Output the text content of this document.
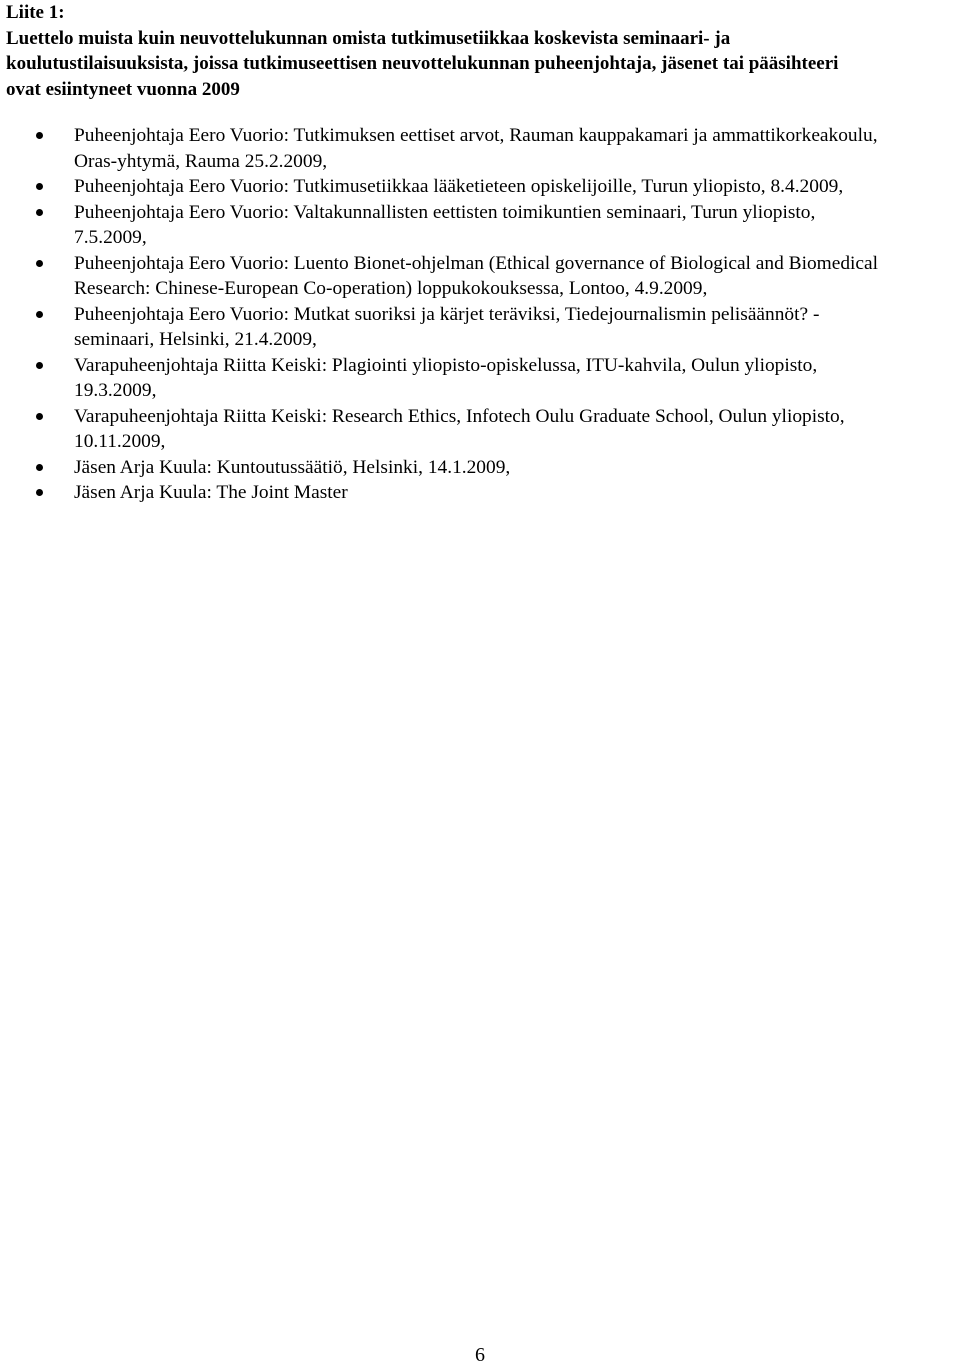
Liite 1:
Luettelo muista kuin neuvottelukunnan omista tutkimusetiikkaa koskevista seminaari- ja
koulutustilaisuuksista, joissa tutkimuseettisen neuvottelukunnan puheenjohtaja, jäsenet tai pääsihteeri
ovat esiintyneet vuonna 2009
Puheenjohtaja Eero Vuorio: Tutkimuksen eettiset arvot, Rauman kauppakamari ja ammattikorkeakoulu,
Oras-yhtymä, Rauma 25.2.2009,
Puheenjohtaja Eero Vuorio: Tutkimusetiikkaa lääketieteen opiskelijoille, Turun yliopisto, 8.4.2009,
Puheenjohtaja Eero Vuorio: Valtakunnallisten eettisten toimikuntien seminaari, Turun yliopisto,
7.5.2009,
Puheenjohtaja Eero Vuorio: Luento Bionet-ohjelman (Ethical governance of Biological and Biomedical
Research: Chinese-European Co-operation) loppukokouksessa, Lontoo, 4.9.2009,
Puheenjohtaja Eero Vuorio: Mutkat suoriksi ja kärjet teräviksi, Tiedejournalismin pelisäännöt? -
seminaari, Helsinki, 21.4.2009,
Varapuheenjohtaja Riitta Keiski: Plagiointi yliopisto-opiskelussa, ITU-kahvila, Oulun yliopisto,
19.3.2009,
Varapuheenjohtaja Riitta Keiski: Research Ethics, Infotech Oulu Graduate School, Oulun yliopisto,
10.11.2009,
Jäsen Arja Kuula: Kuntoutussäätiö, Helsinki, 14.1.2009,
Jäsen Arja Kuula: The Joint Master
6
